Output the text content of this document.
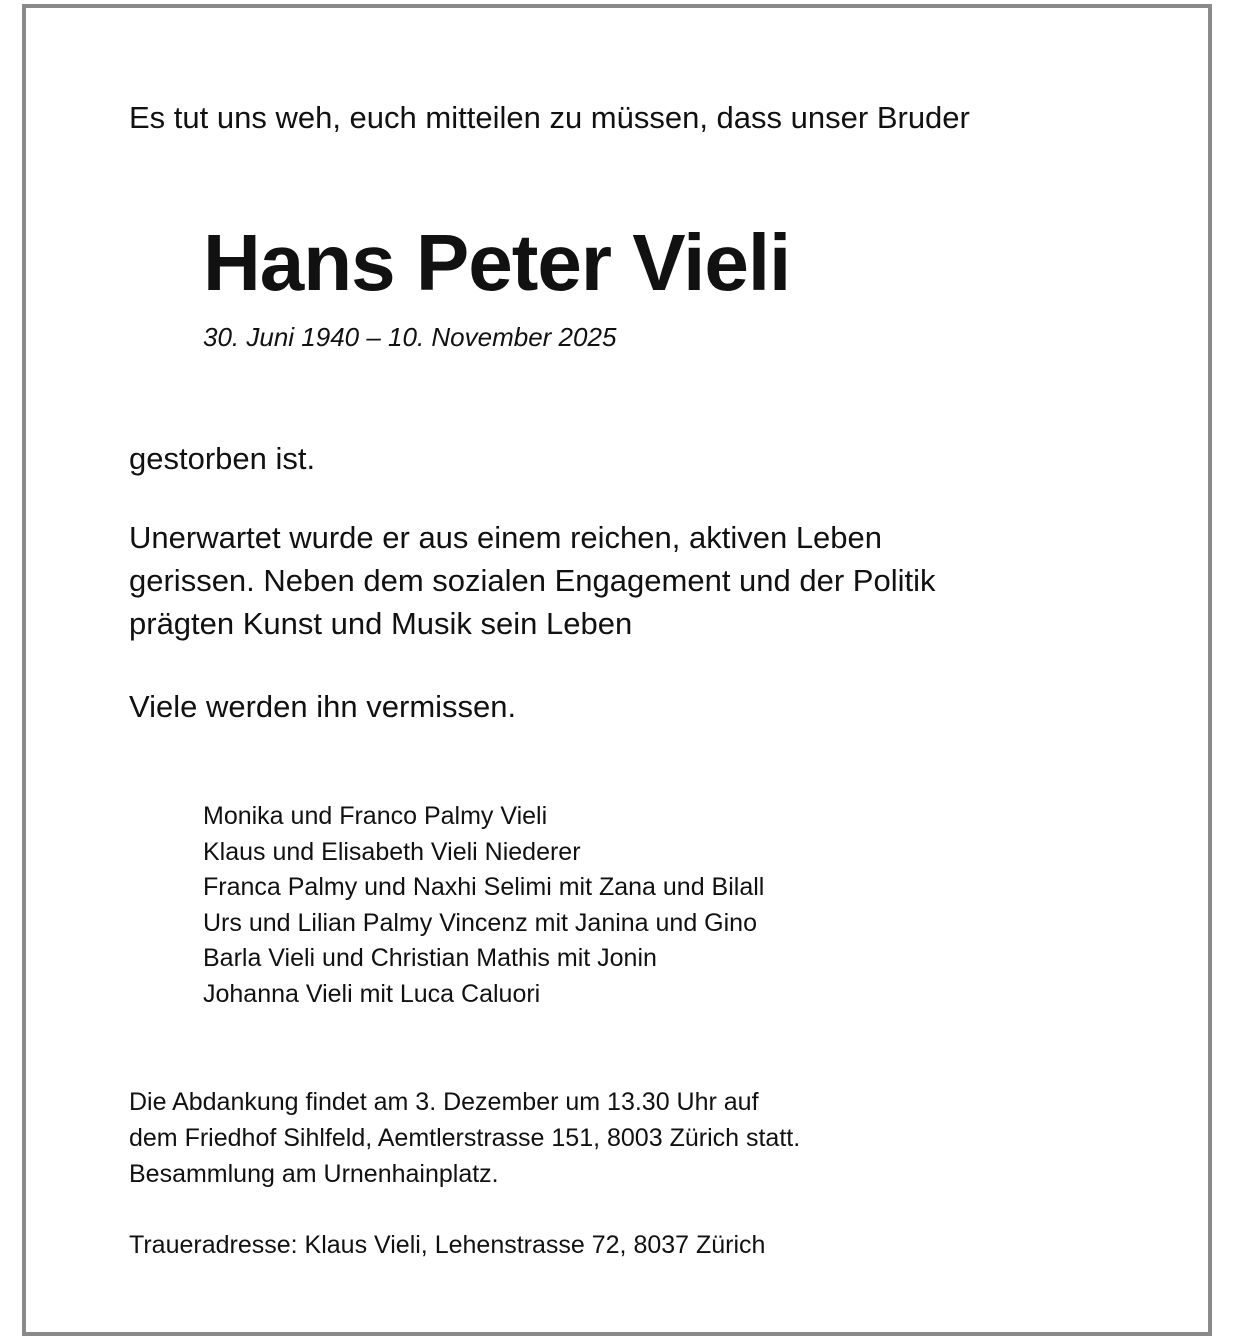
Es tut uns weh, euch mitteilen zu müssen, dass unser Bruder

Hans Peter Vieli

30. Juni 1940 – 10. November 2025

gestorben ist.

Unerwartet wurde er aus einem reichen, aktiven Leben
gerissen. Neben dem sozialen Engagement und der Politik
prägten Kunst und Musik sein Leben

Viele werden ihn vermissen.

Monika und Franco Palmy Vieli
Klaus und Elisabeth Vieli Niederer
Franca Palmy und Naxhi Selimi mit Zana und Bilall
Urs und Lilian Palmy Vincenz mit Janina und Gino
Barla Vieli und Christian Mathis mit Jonin
Johanna Vieli mit Luca Caluori
Die Abdankung findet am 3. Dezember um 13.30 Uhr auf
dem Friedhof Sihlfeld, Aemtlerstrasse 151, 8003 Zürich statt.
Besammlung am Urnenhainplatz.

Traueradresse: Klaus Vieli, Lehenstrasse 72, 8037 Zürich
